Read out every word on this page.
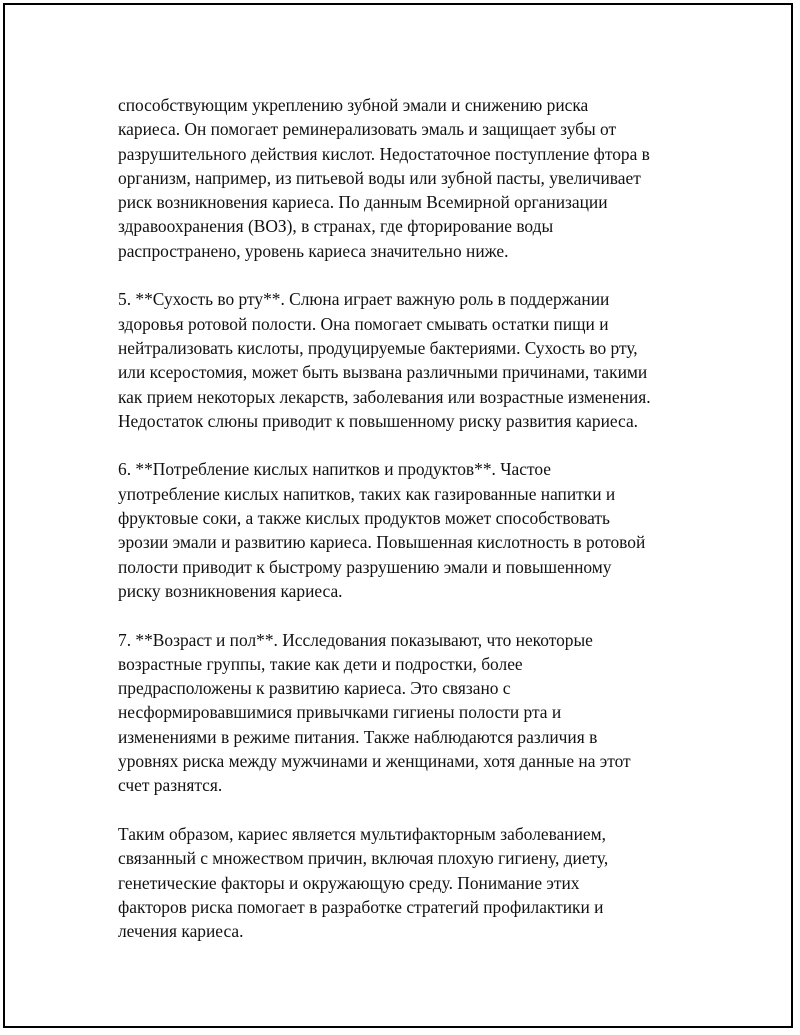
способствующим укреплению зубной эмали и снижению риска
кариеса. Он помогает реминерализовать эмаль и защищает зубы от
разрушительного действия кислот. Недостаточное поступление фтора в
организм, например, из питьевой воды или зубной пасты, увеличивает
риск возникновения кариеса. По данным Всемирной организации
здравоохранения (ВОЗ), в странах, где фторирование воды
распространено, уровень кариеса значительно ниже.

5. **Сухость во рту**. Слюна играет важную роль в поддержании
здоровья ротовой полости. Она помогает смывать остатки пищи и
нейтрализовать кислоты, продуцируемые бактериями. Сухость во рту,
или ксеростомия, может быть вызвана различными причинами, такими
как прием некоторых лекарств, заболевания или возрастные изменения.
Недостаток слюны приводит к повышенному риску развития кариеса.

6. **Потребление кислых напитков и продуктов**. Частое
употребление кислых напитков, таких как газированные напитки и
фруктовые соки, а также кислых продуктов может способствовать
эрозии эмали и развитию кариеса. Повышенная кислотность в ротовой
полости приводит к быстрому разрушению эмали и повышенному
риску возникновения кариеса.

7. **Возраст и пол**. Исследования показывают, что некоторые
возрастные группы, такие как дети и подростки, более
предрасположены к развитию кариеса. Это связано с
несформировавшимися привычками гигиены полости рта и
изменениями в режиме питания. Также наблюдаются различия в
уровнях риска между мужчинами и женщинами, хотя данные на этот
счет разнятся.

Таким образом, кариес является мультифакторным заболеванием,
связанный с множеством причин, включая плохую гигиену, диету,
генетические факторы и окружающую среду. Понимание этих
факторов риска помогает в разработке стратегий профилактики и
лечения кариеса.
